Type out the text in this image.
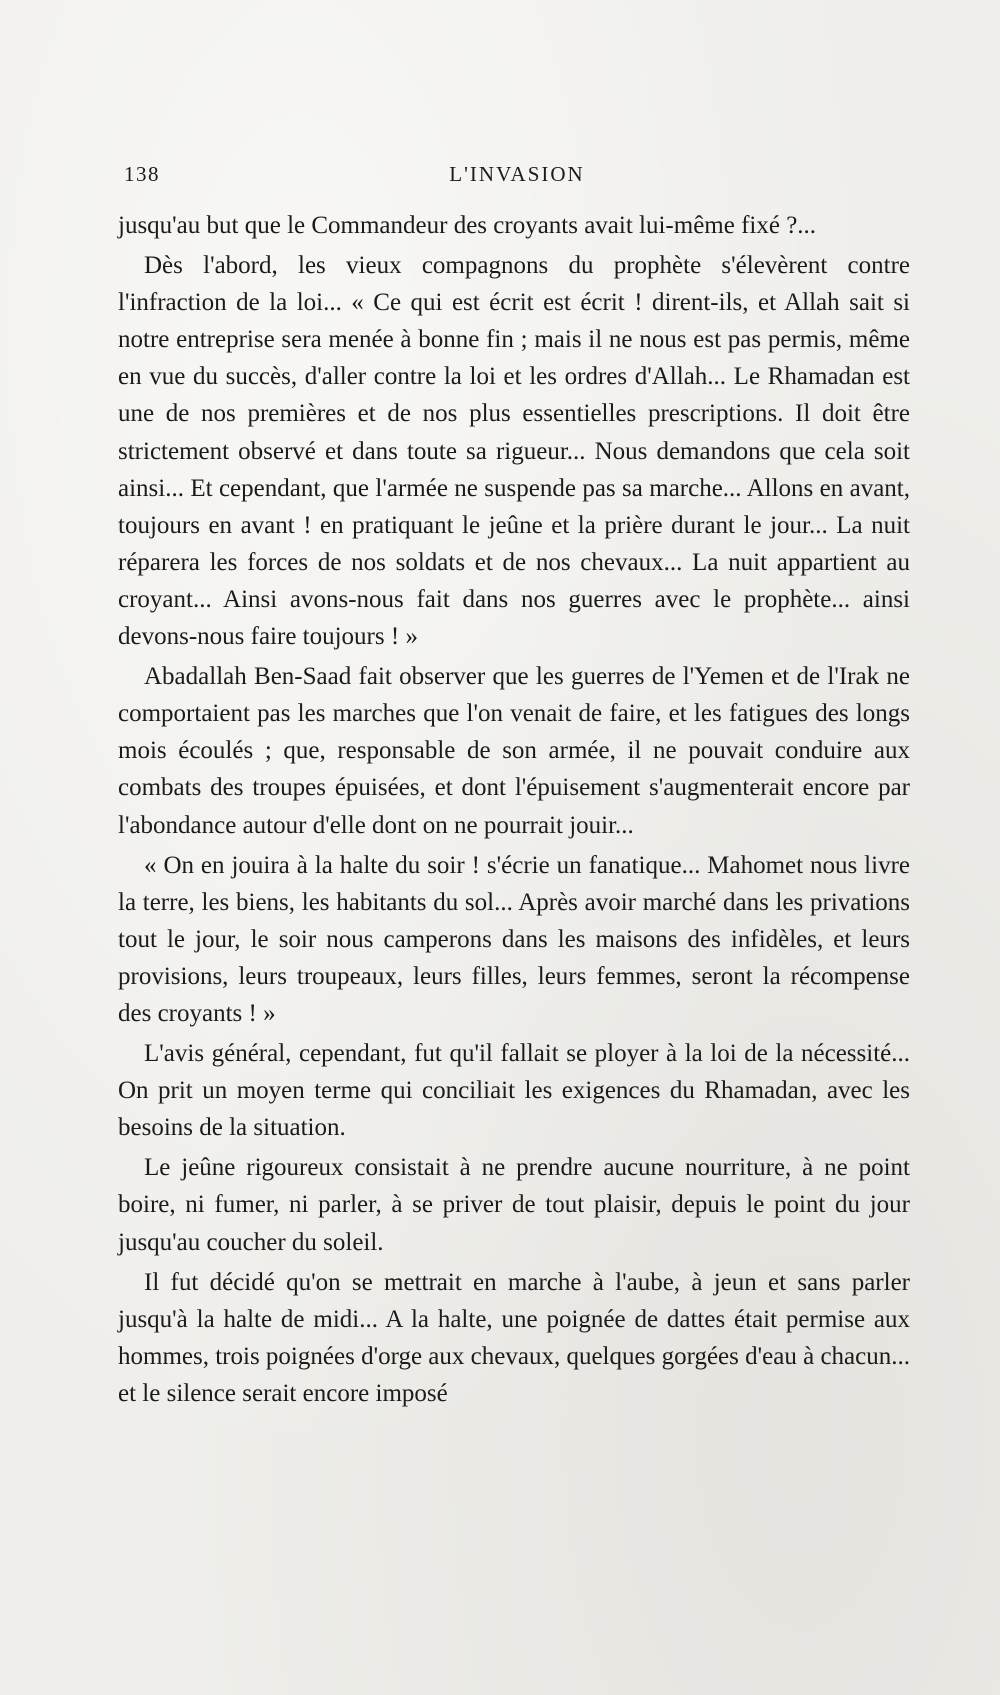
138	L'INVASION

jusqu'au but que le Commandeur des croyants avait lui-même fixé ?...

Dès l'abord, les vieux compagnons du prophète s'élevèrent contre l'infraction de la loi... « Ce qui est écrit est écrit ! dirent-ils, et Allah sait si notre entreprise sera menée à bonne fin ; mais il ne nous est pas permis, même en vue du succès, d'aller contre la loi et les ordres d'Allah... Le Rhamadan est une de nos premières et de nos plus essentielles prescriptions. Il doit être strictement observé et dans toute sa rigueur... Nous demandons que cela soit ainsi... Et cependant, que l'armée ne suspende pas sa marche... Allons en avant, toujours en avant ! en pratiquant le jeûne et la prière durant le jour... La nuit réparera les forces de nos soldats et de nos chevaux... La nuit appartient au croyant... Ainsi avons-nous fait dans nos guerres avec le prophète... ainsi devons-nous faire toujours ! »

Abadallah Ben-Saad fait observer que les guerres de l'Yemen et de l'Irak ne comportaient pas les marches que l'on venait de faire, et les fatigues des longs mois écoulés ; que, responsable de son armée, il ne pouvait conduire aux combats des troupes épuisées, et dont l'épuisement s'augmenterait encore par l'abondance autour d'elle dont on ne pourrait jouir...

« On en jouira à la halte du soir ! s'écrie un fanatique... Mahomet nous livre la terre, les biens, les habitants du sol... Après avoir marché dans les privations tout le jour, le soir nous camperons dans les maisons des infidèles, et leurs provisions, leurs troupeaux, leurs filles, leurs femmes, seront la récompense des croyants ! »

L'avis général, cependant, fut qu'il fallait se ployer à la loi de la nécessité... On prit un moyen terme qui conciliait les exigences du Rhamadan, avec les besoins de la situation.

Le jeûne rigoureux consistait à ne prendre aucune nourriture, à ne point boire, ni fumer, ni parler, à se priver de tout plaisir, depuis le point du jour jusqu'au coucher du soleil.

Il fut décidé qu'on se mettrait en marche à l'aube, à jeun et sans parler jusqu'à la halte de midi... A la halte, une poignée de dattes était permise aux hommes, trois poignées d'orge aux chevaux, quelques gorgées d'eau à chacun... et le silence serait encore imposé
